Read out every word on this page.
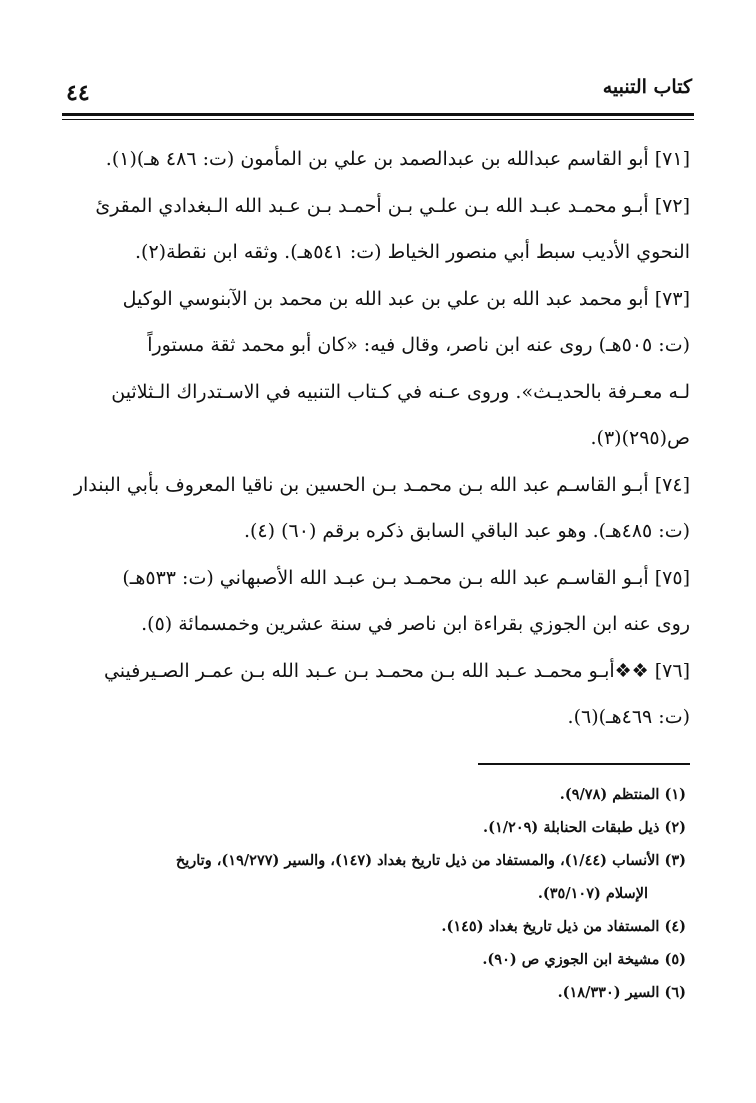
٤٤	كتاب التنبيه

[٧١] أبو القاسم عبدالله بن عبدالصمد بن علي بن المأمون (ت: ٤٨٦ هـ)(١).

[٧٢] أبـو محمـد عبـد الله بـن علـي بـن أحمـد بـن عـبد الله الـبغدادي المقرئ
النحوي الأديب سبط أبي منصور الخياط (ت: ٥٤١هـ). وثقه ابن نقطة(٢).

[٧٣] أبو محمد عبد الله بن علي بن عبد الله بن محمد بن الآبنوسي الوكيل
(ت: ٥٠٥هـ) روى عنه ابن ناصر، وقال فيه: «كان أبو محمد ثقة مستوراً
لـه معـرفة بالحديـث». وروى عـنه في كـتاب التنبيه في الاسـتدراك الـثلاثين
ص(٢٩٥)(٣).

[٧٤] أبـو القاسـم عبد الله بـن محمـد بـن الحسين بن ناقيا المعروف بأبي البندار
(ت: ٤٨٥هـ). وهو عبد الباقي السابق ذكره برقم (٦٠) (٤).

[٧٥] أبـو القاسـم عبد الله بـن محمـد بـن عبـد الله الأصبهاني (ت: ٥٣٣هـ)
روى عنه ابن الجوزي بقراءة ابن ناصر في سنة عشرين وخمسمائة (٥).

[٧٦] ❖❖أبـو محمـد عـبد الله بـن محمـد بـن عـبد الله بـن عمـر الصـيرفيني
(ت: ٤٦٩هـ)(٦).

(١) المنتظم (٩/٧٨).

(٢) ذيل طبقات الحنابلة (١/٢٠٩).

(٣) الأنساب (١/٤٤)، والمستفاد من ذيل تاريخ بغداد (١٤٧)، والسير (١٩/٢٧٧)، وتاريخ
الإسلام (٣٥/١٠٧).

(٤) المستفاد من ذيل تاريخ بغداد (١٤٥).

(٥) مشيخة ابن الجوزي ص (٩٠).

(٦) السير (١٨/٣٣٠).
